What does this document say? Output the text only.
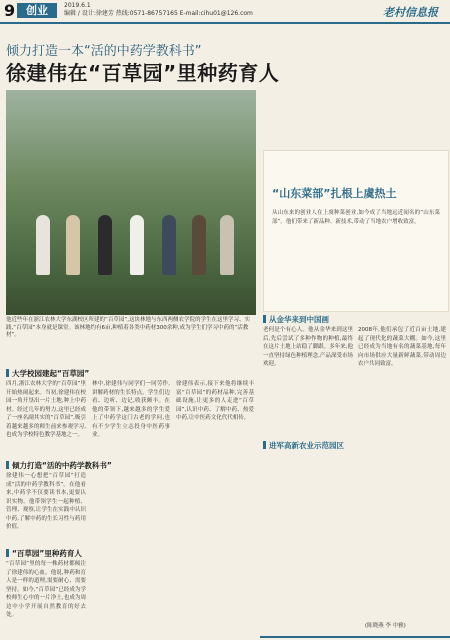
9 创业	2019.6.1
编辑 / 设计:徐建芳 热线:0571-86757165 E-mail:cihu01@126.com	老村信息报
倾力打造一本“活的中药学教科书”
徐建伟在“百草园”里种药育人
他近些年在浙江农林大学东湖校区所建的“百草园”,这块林地与东西两侧农学院的学生在这里学习、实践,“百草园”本身就是课堂。该林地约有6亩,种植着各类中药材300余种,成为学生们学习中药的“活教材”。
大学校园建起“百草园”
四月,浙江农林大学的“百草园”里开始热闹起来。当初,徐建伟在校园一角开垦出一片土地,种上中药材。经过几年的努力,这里已经成了一座名副其实的“百草园”,吸引着越来越多的师生前来参观学习,也成为学校特色教学基地之一。
倾力打造“活的中药学教科书”
徐建伟一心想把“百草园”打造成“活的中药学教科书”。在他看来,中药学不仅要读书本,更要认识实物。他带领学生一起种植、管理、观察,让学生在实践中认识中药,了解中药的生长习性与药用价值。
“百草园”里种药育人
“百草园”里的每一株药材都倾注了徐建伟的心血。他说,种药和育人是一样的道理,需要耐心、需要坚持。如今,“百草园”已经成为学校师生心中的一片净土,也成为周边中小学开展自然教育的好去处。
林中,徐建伟与同学们一同劳作,讲解药材的生长特点。学生们边看、边听、边记,收获颇丰。在他的带领下,越来越多的学生爱上了中药学这门古老的学问,也有不少学生立志投身中医药事业。
徐建伟表示,接下来他将继续丰富“百草园”的药材品种,完善基础设施,让更多的人走进“百草园”,认识中药、了解中药、热爱中药,让中医药文化代代相传。
“山东菜部”扎根上虞热土
从山东来的创业人在上虞种菜创业,如今成了当地远近闻名的“山东菜部”。他们带来了新品种、新技术,带动了当地农户增收致富。
从金华来到中国画
老何是个有心人。他从金华来到这里后,先后尝试了多种作物的种植,最终在这片土地上站稳了脚跟。多年来,他一直坚持绿色种植理念,产品深受市场欢迎。
2008年,他们承包了近百亩土地,建起了现代化的蔬菜大棚。如今,这里已经成为当地有名的蔬菜基地,每年向市场供应大量新鲜蔬菜,带动周边农户共同致富。
进军高新农业示范园区
(陈晓燕 李 中雅)
